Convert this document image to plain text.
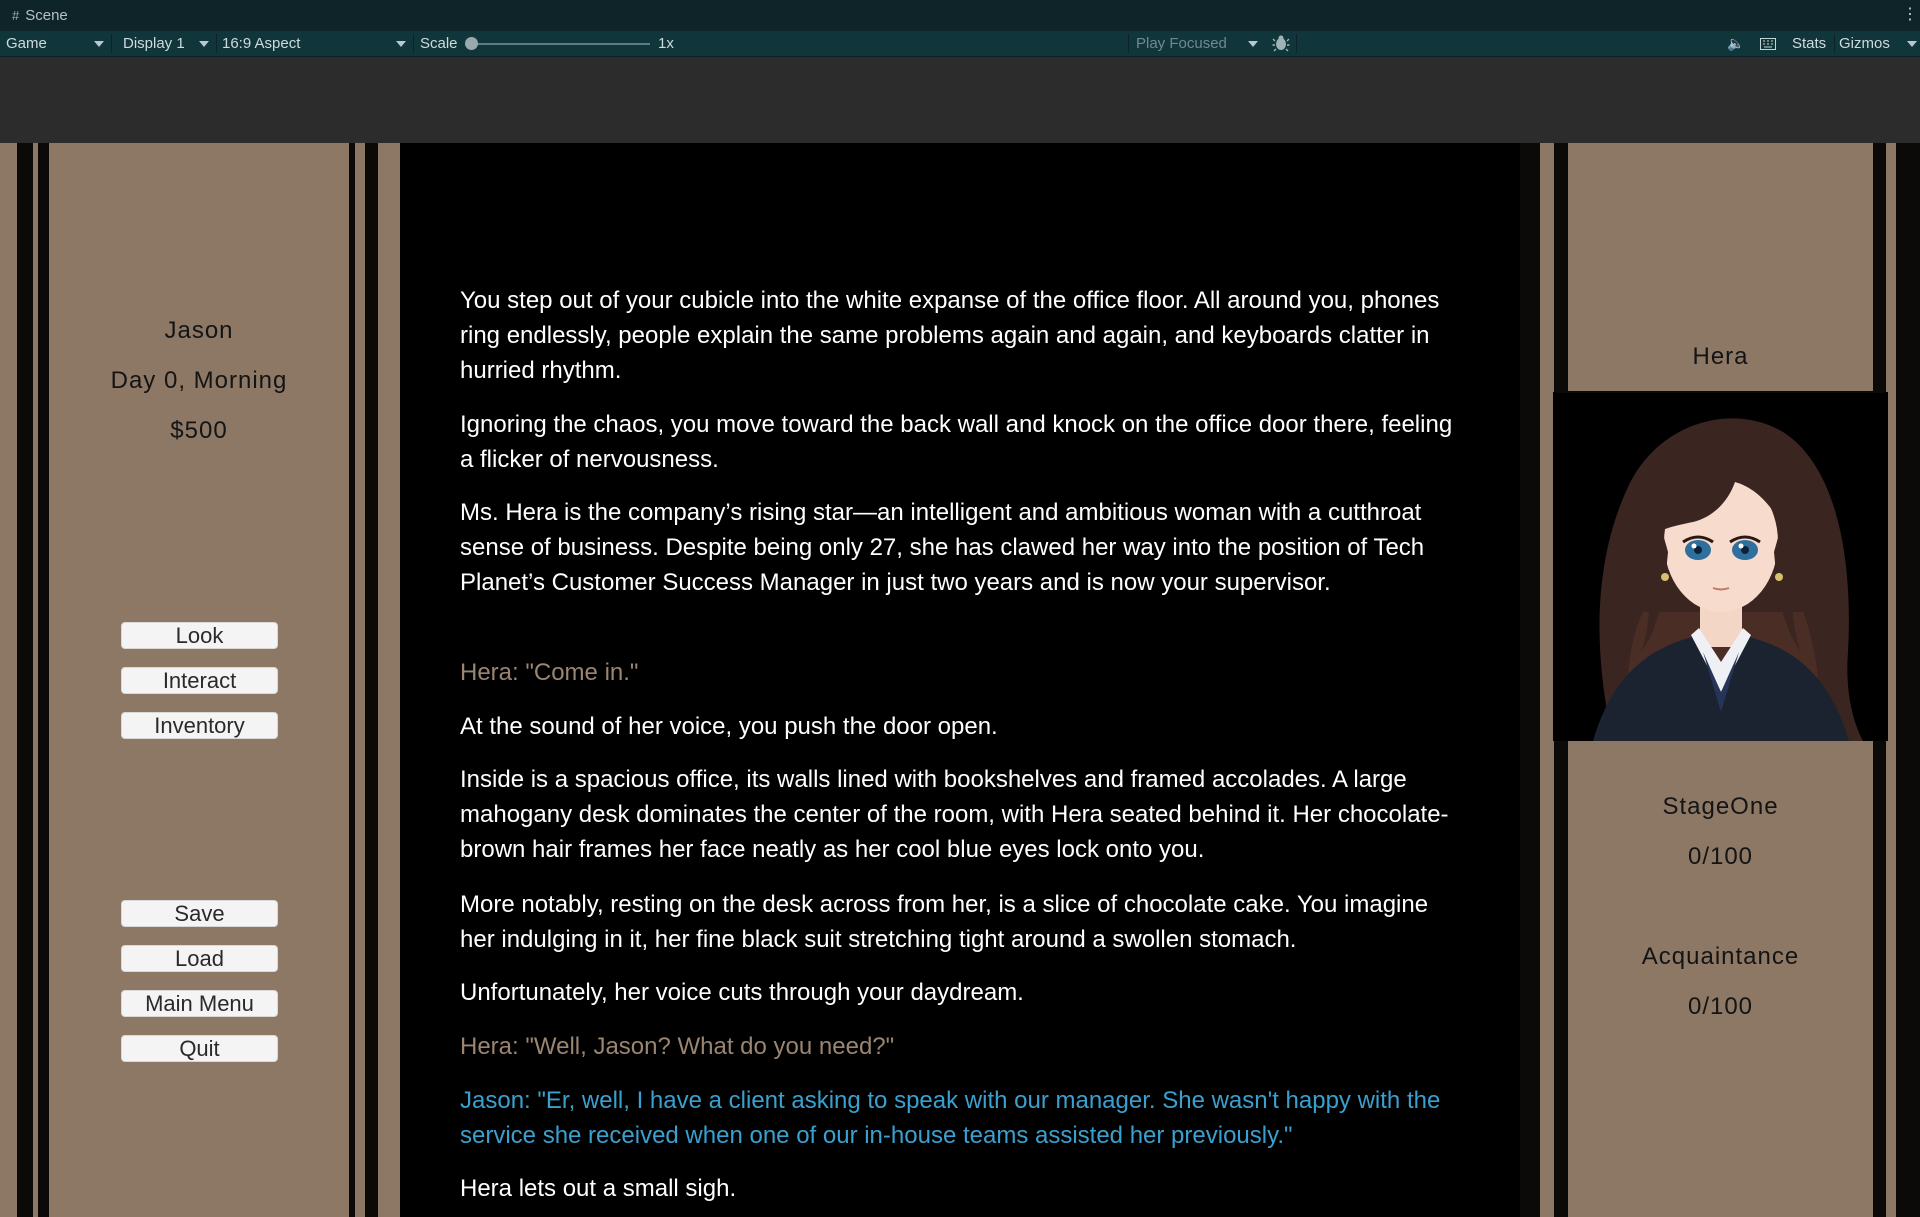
# Scene	⋮
Game	Display 1 16:9 Aspect	Scale	1x	Play Focused	🔈	Stats Gizmos
Jason
Day 0, Morning
$500
Look
Interact
Inventory
Save
Load
Main Menu
Quit

You step out of your cubicle into the white expanse of the office floor. All around you, phones ring endlessly, people explain the same problems again and again, and keyboards clatter in hurried rhythm.

Ignoring the chaos, you move toward the back wall and knock on the office door there, feeling a flicker of nervousness.

Ms. Hera is the company’s rising star—an intelligent and ambitious woman with a cutthroat sense of business. Despite being only 27, she has clawed her way into the position of Tech Planet’s Customer Success Manager in just two years and is now your supervisor.

Hera: "Come in."

At the sound of her voice, you push the door open.

Inside is a spacious office, its walls lined with bookshelves and framed accolades. A large mahogany desk dominates the center of the room, with Hera seated behind it. Her chocolate-brown hair frames her face neatly as her cool blue eyes lock onto you.

More notably, resting on the desk across from her, is a slice of chocolate cake. You imagine her indulging in it, her fine black suit stretching tight around a swollen stomach.

Unfortunately, her voice cuts through your daydream.

Hera: "Well, Jason? What do you need?"

Jason: "Er, well, I have a client asking to speak with our manager. She wasn't happy with the service she received when one of our in-house teams assisted her previously."

Hera lets out a small sigh.

Hera
StageOne
0/100
Acquaintance
0/100
